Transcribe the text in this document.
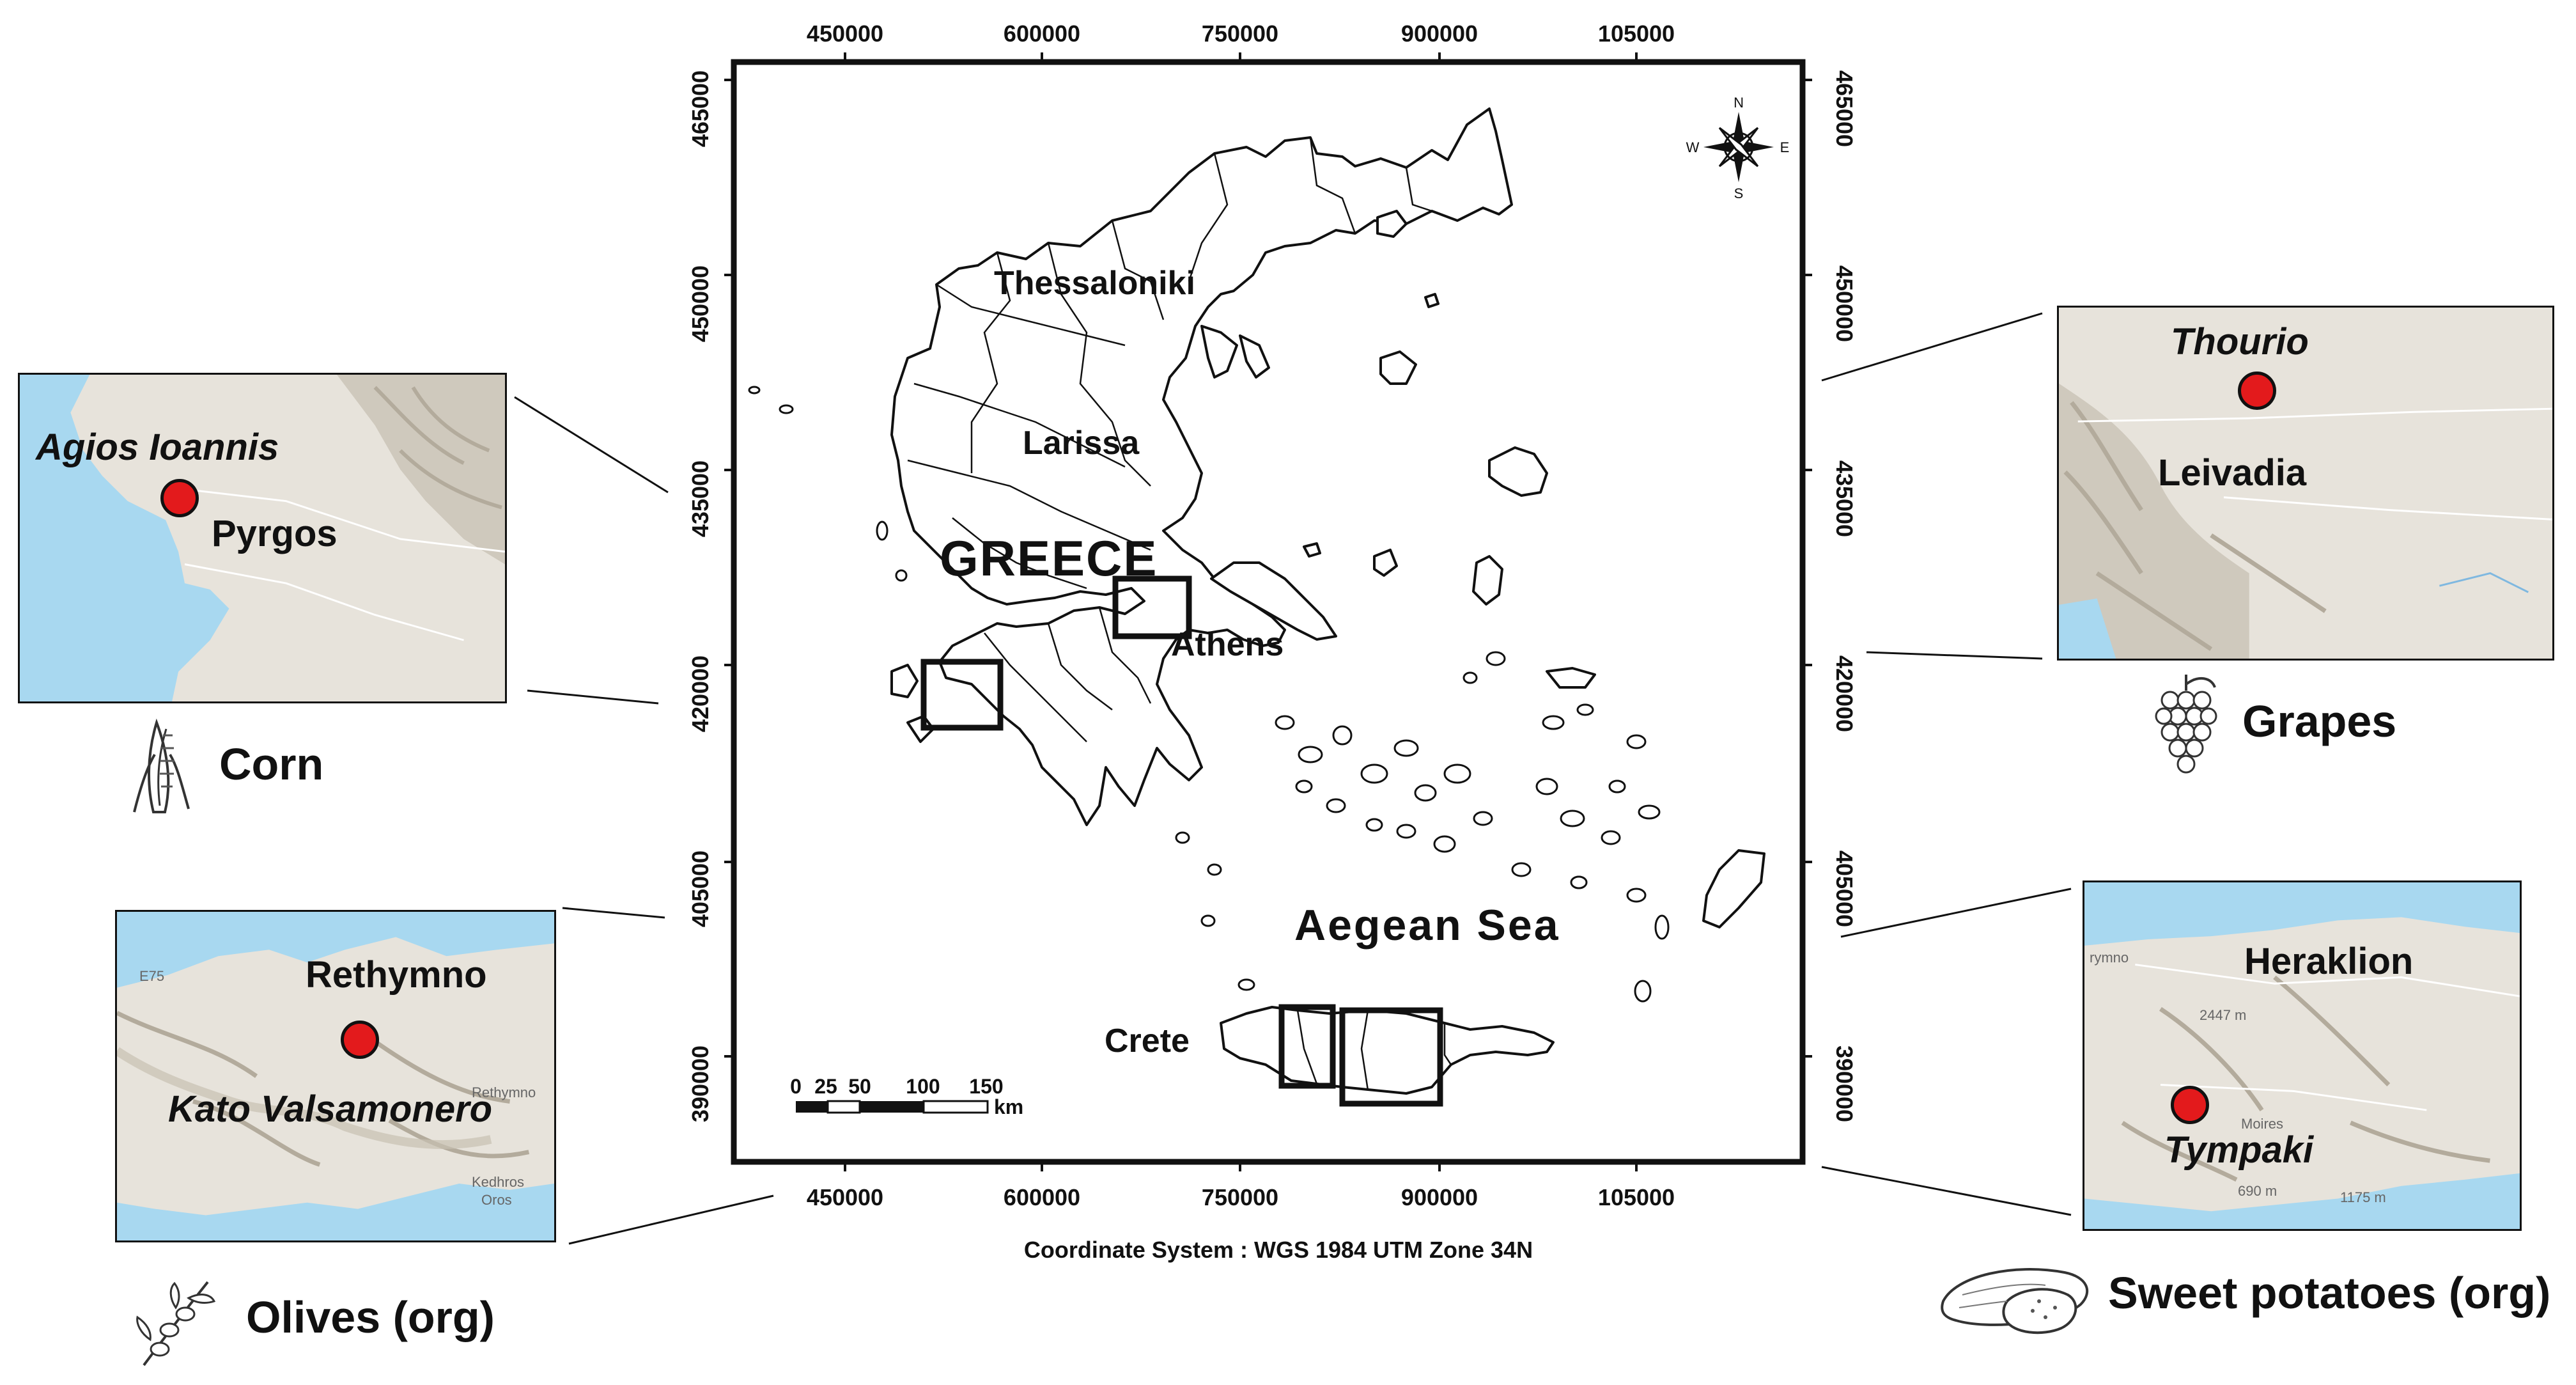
450000	600000	750000	900000	105000
450000	600000	750000	900000	105000
465000
450000
435000
420000
405000
390000
465000
450000
435000
420000
405000
390000
Thessaloniki
Larissa
GREECE
Athens
Aegean Sea
Crete
0 25 50 100 150
km
N
S
E
W
Coordinate System : WGS 1984 UTM Zone 34N
Agios Ioannis
Pyrgos
E75
Rethymno
Kedhros
Oros
Rethymno
Kato Valsamonero
Thourio
Leivadia
rymno
2447 m
Moires
690 m	1175 m
Heraklion
Tympaki
Corn
Olives (org)
Grapes
Sweet potatoes (org)
